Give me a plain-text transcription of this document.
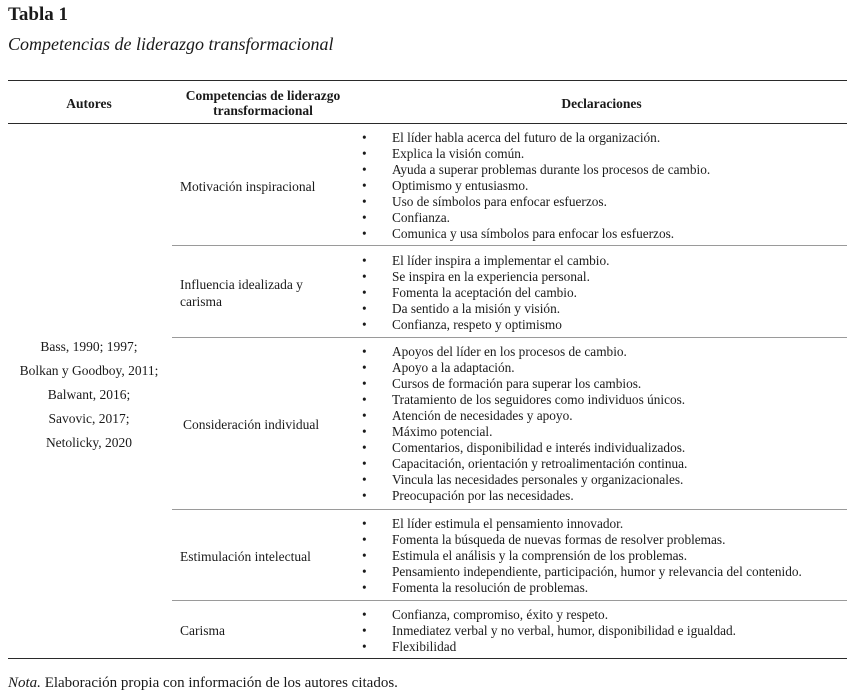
Tabla 1
Competencias de liderazgo transformacional
Autores
Competencias de liderazgo
transformacional	Declaraciones
Bass, 1990; 1997;
Bolkan y Goodboy, 2011;
Balwant, 2016;
Savovic, 2017;
Netolicky, 2020
Motivación inspiracional
• El líder habla acerca del futuro de la organización.
• Explica la visión común.
• Ayuda a superar problemas durante los procesos de cambio.
• Optimismo y entusiasmo.
• Uso de símbolos para enfocar esfuerzos.
• Confianza.
• Comunica y usa símbolos para enfocar los esfuerzos.
Influencia idealizada y
carisma
• El líder inspira a implementar el cambio.
• Se inspira en la experiencia personal.
• Fomenta la aceptación del cambio.
• Da sentido a la misión y visión.
• Confianza, respeto y optimismo
Consideración individual
• Apoyos del líder en los procesos de cambio.
• Apoyo a la adaptación.
• Cursos de formación para superar los cambios.
• Tratamiento de los seguidores como individuos únicos.
• Atención de necesidades y apoyo.
• Máximo potencial.
• Comentarios, disponibilidad e interés individualizados.
• Capacitación, orientación y retroalimentación continua.
• Vincula las necesidades personales y organizacionales.
• Preocupación por las necesidades.
Estimulación intelectual
• El líder estimula el pensamiento innovador.
• Fomenta la búsqueda de nuevas formas de resolver problemas.
• Estimula el análisis y la comprensión de los problemas.
• Pensamiento independiente, participación, humor y relevancia del contenido.
• Fomenta la resolución de problemas.
Carisma
• Confianza, compromiso, éxito y respeto.
• Inmediatez verbal y no verbal, humor, disponibilidad e igualdad.
• Flexibilidad
Nota. Elaboración propia con información de los autores citados.
